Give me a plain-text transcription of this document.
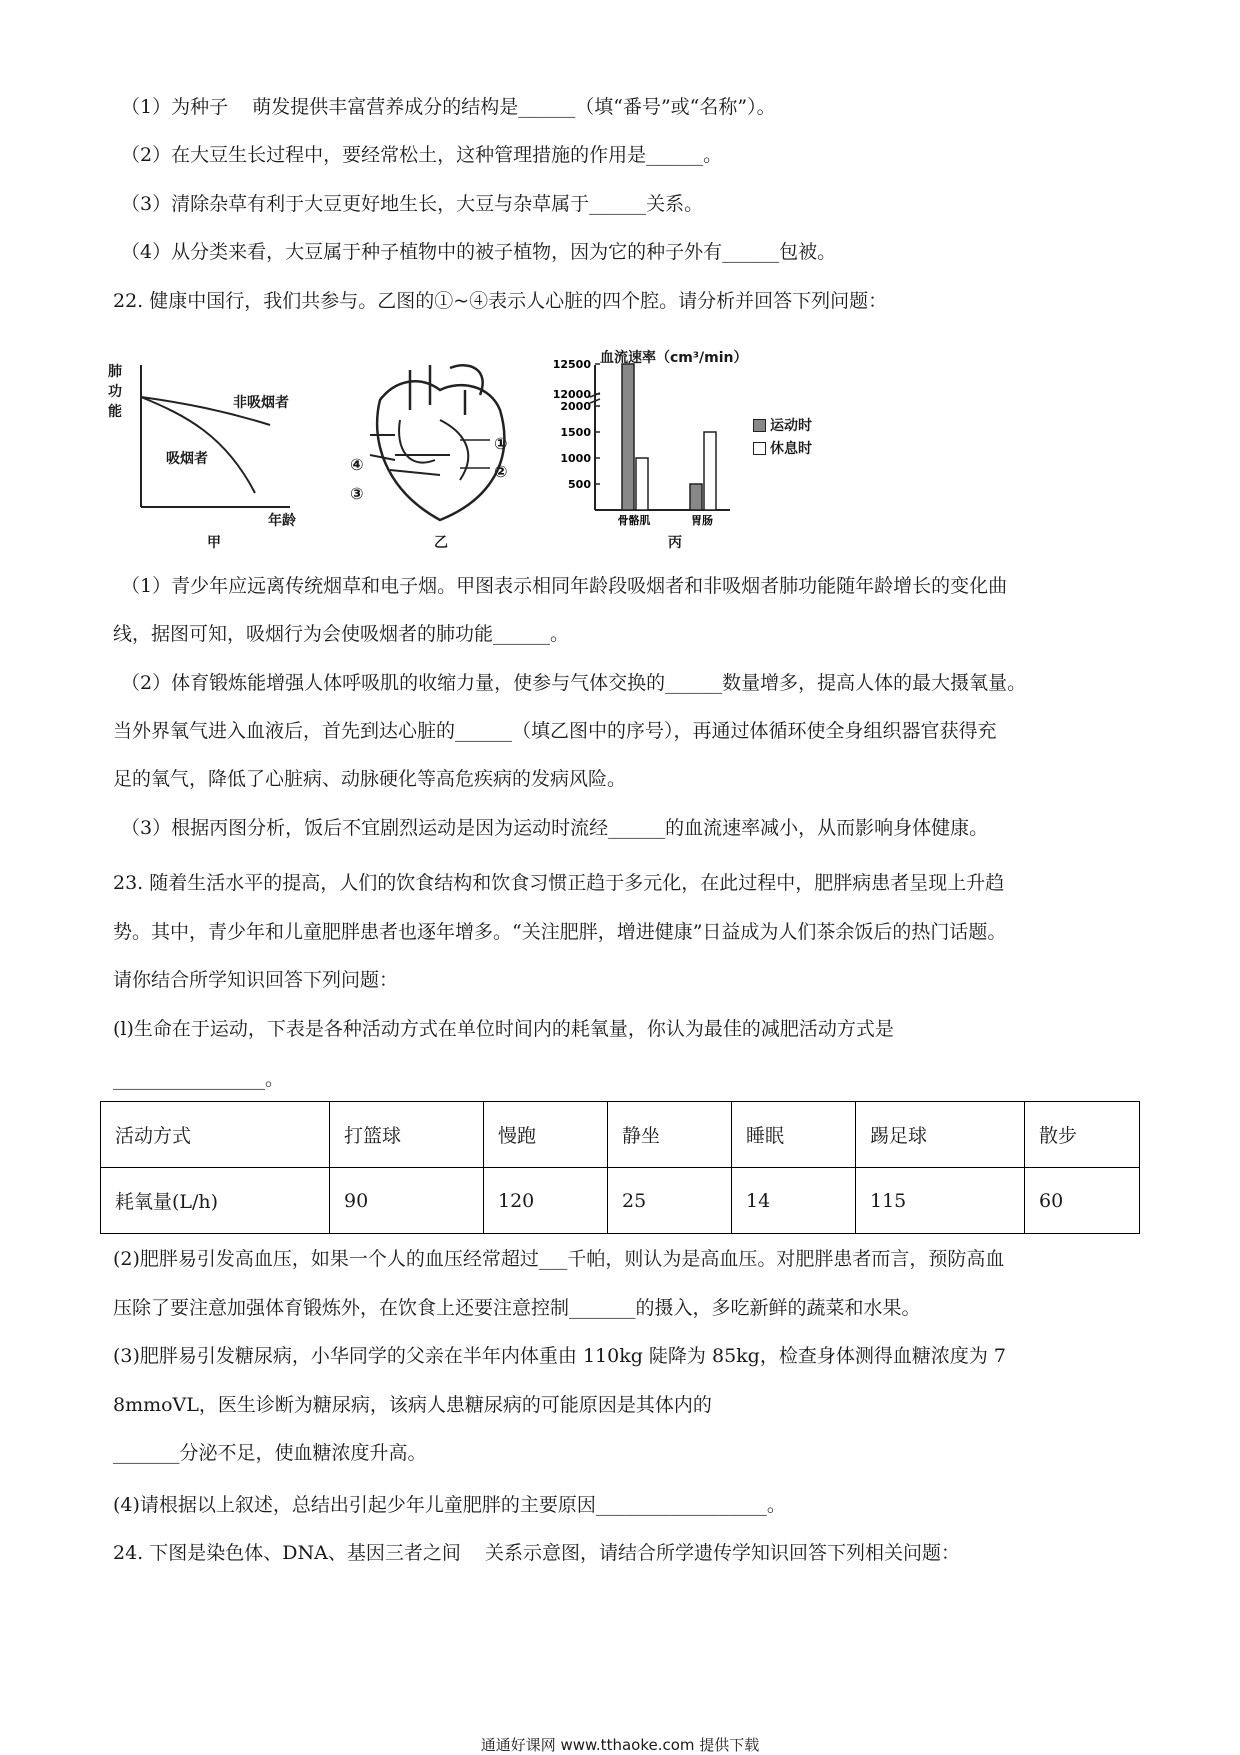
（1）为种子    萌发提供丰富营养成分的结构是______（填“番号”或“名称”）。
（2）在大豆生长过程中，要经常松土，这种管理措施的作用是______。
（3）清除杂草有利于大豆更好地生长，大豆与杂草属于______关系。
（4）从分类来看，大豆属于种子植物中的被子植物，因为它的种子外有______包被。
22. 健康中国行，我们共参与。乙图的①~④表示人心脏的四个腔。请分析并回答下列问题：
肺功能
非吸烟者
吸烟者
年龄
甲
①
②
③
④
乙
500
1000
1500
2000
12000
12500
骨骼肌	胃肠
血流速率（cm³/min）
运动时
休息时
丙
（1）青少年应远离传统烟草和电子烟。甲图表示相同年龄段吸烟者和非吸烟者肺功能随年龄增长的变化曲
线，据图可知，吸烟行为会使吸烟者的肺功能______。
（2）体育锻炼能增强人体呼吸肌的收缩力量，使参与气体交换的______数量增多，提高人体的最大摄氧量。
当外界氧气进入血液后，首先到达心脏的______（填乙图中的序号），再通过体循环使全身组织器官获得充
足的氧气，降低了心脏病、动脉硬化等高危疾病的发病风险。
（3）根据丙图分析，饭后不宜剧烈运动是因为运动时流经______的血流速率减小，从而影响身体健康。
23. 随着生活水平的提高，人们的饮食结构和饮食习惯正趋于多元化，在此过程中，肥胖病患者呈现上升趋
势。其中，青少年和儿童肥胖患者也逐年增多。“关注肥胖，增进健康”日益成为人们茶余饭后的热门话题。
请你结合所学知识回答下列问题：
(l)生命在于运动，下表是各种活动方式在单位时间内的耗氧量，你认为最佳的减肥活动方式是
________________。
活动方式	打篮球	慢跑	静坐	睡眠	踢足球	散步
耗氧量(L/h)	90	120	25	14	115	60
(2)肥胖易引发高血压，如果一个人的血压经常超过___千帕，则认为是高血压。对肥胖患者而言，预防高血
压除了要注意加强体育锻炼外，在饮食上还要注意控制_______的摄入，多吃新鲜的蔬菜和水果。
(3)肥胖易引发糖尿病，小华同学的父亲在半年内体重由 110kg 陡降为 85kg，检查身体测得血糖浓度为 7
8mmoVL，医生诊断为糖尿病，该病人患糖尿病的可能原因是其体内的
_______分泌不足，使血糖浓度升高。
(4)请根据以上叙述，总结出引起少年儿童肥胖的主要原因__________________。
24. 下图是染色体、DNA、基因三者之间    关系示意图，请结合所学遗传学知识回答下列相关问题：
通通好课网 www.tthaoke.com 提供下载
